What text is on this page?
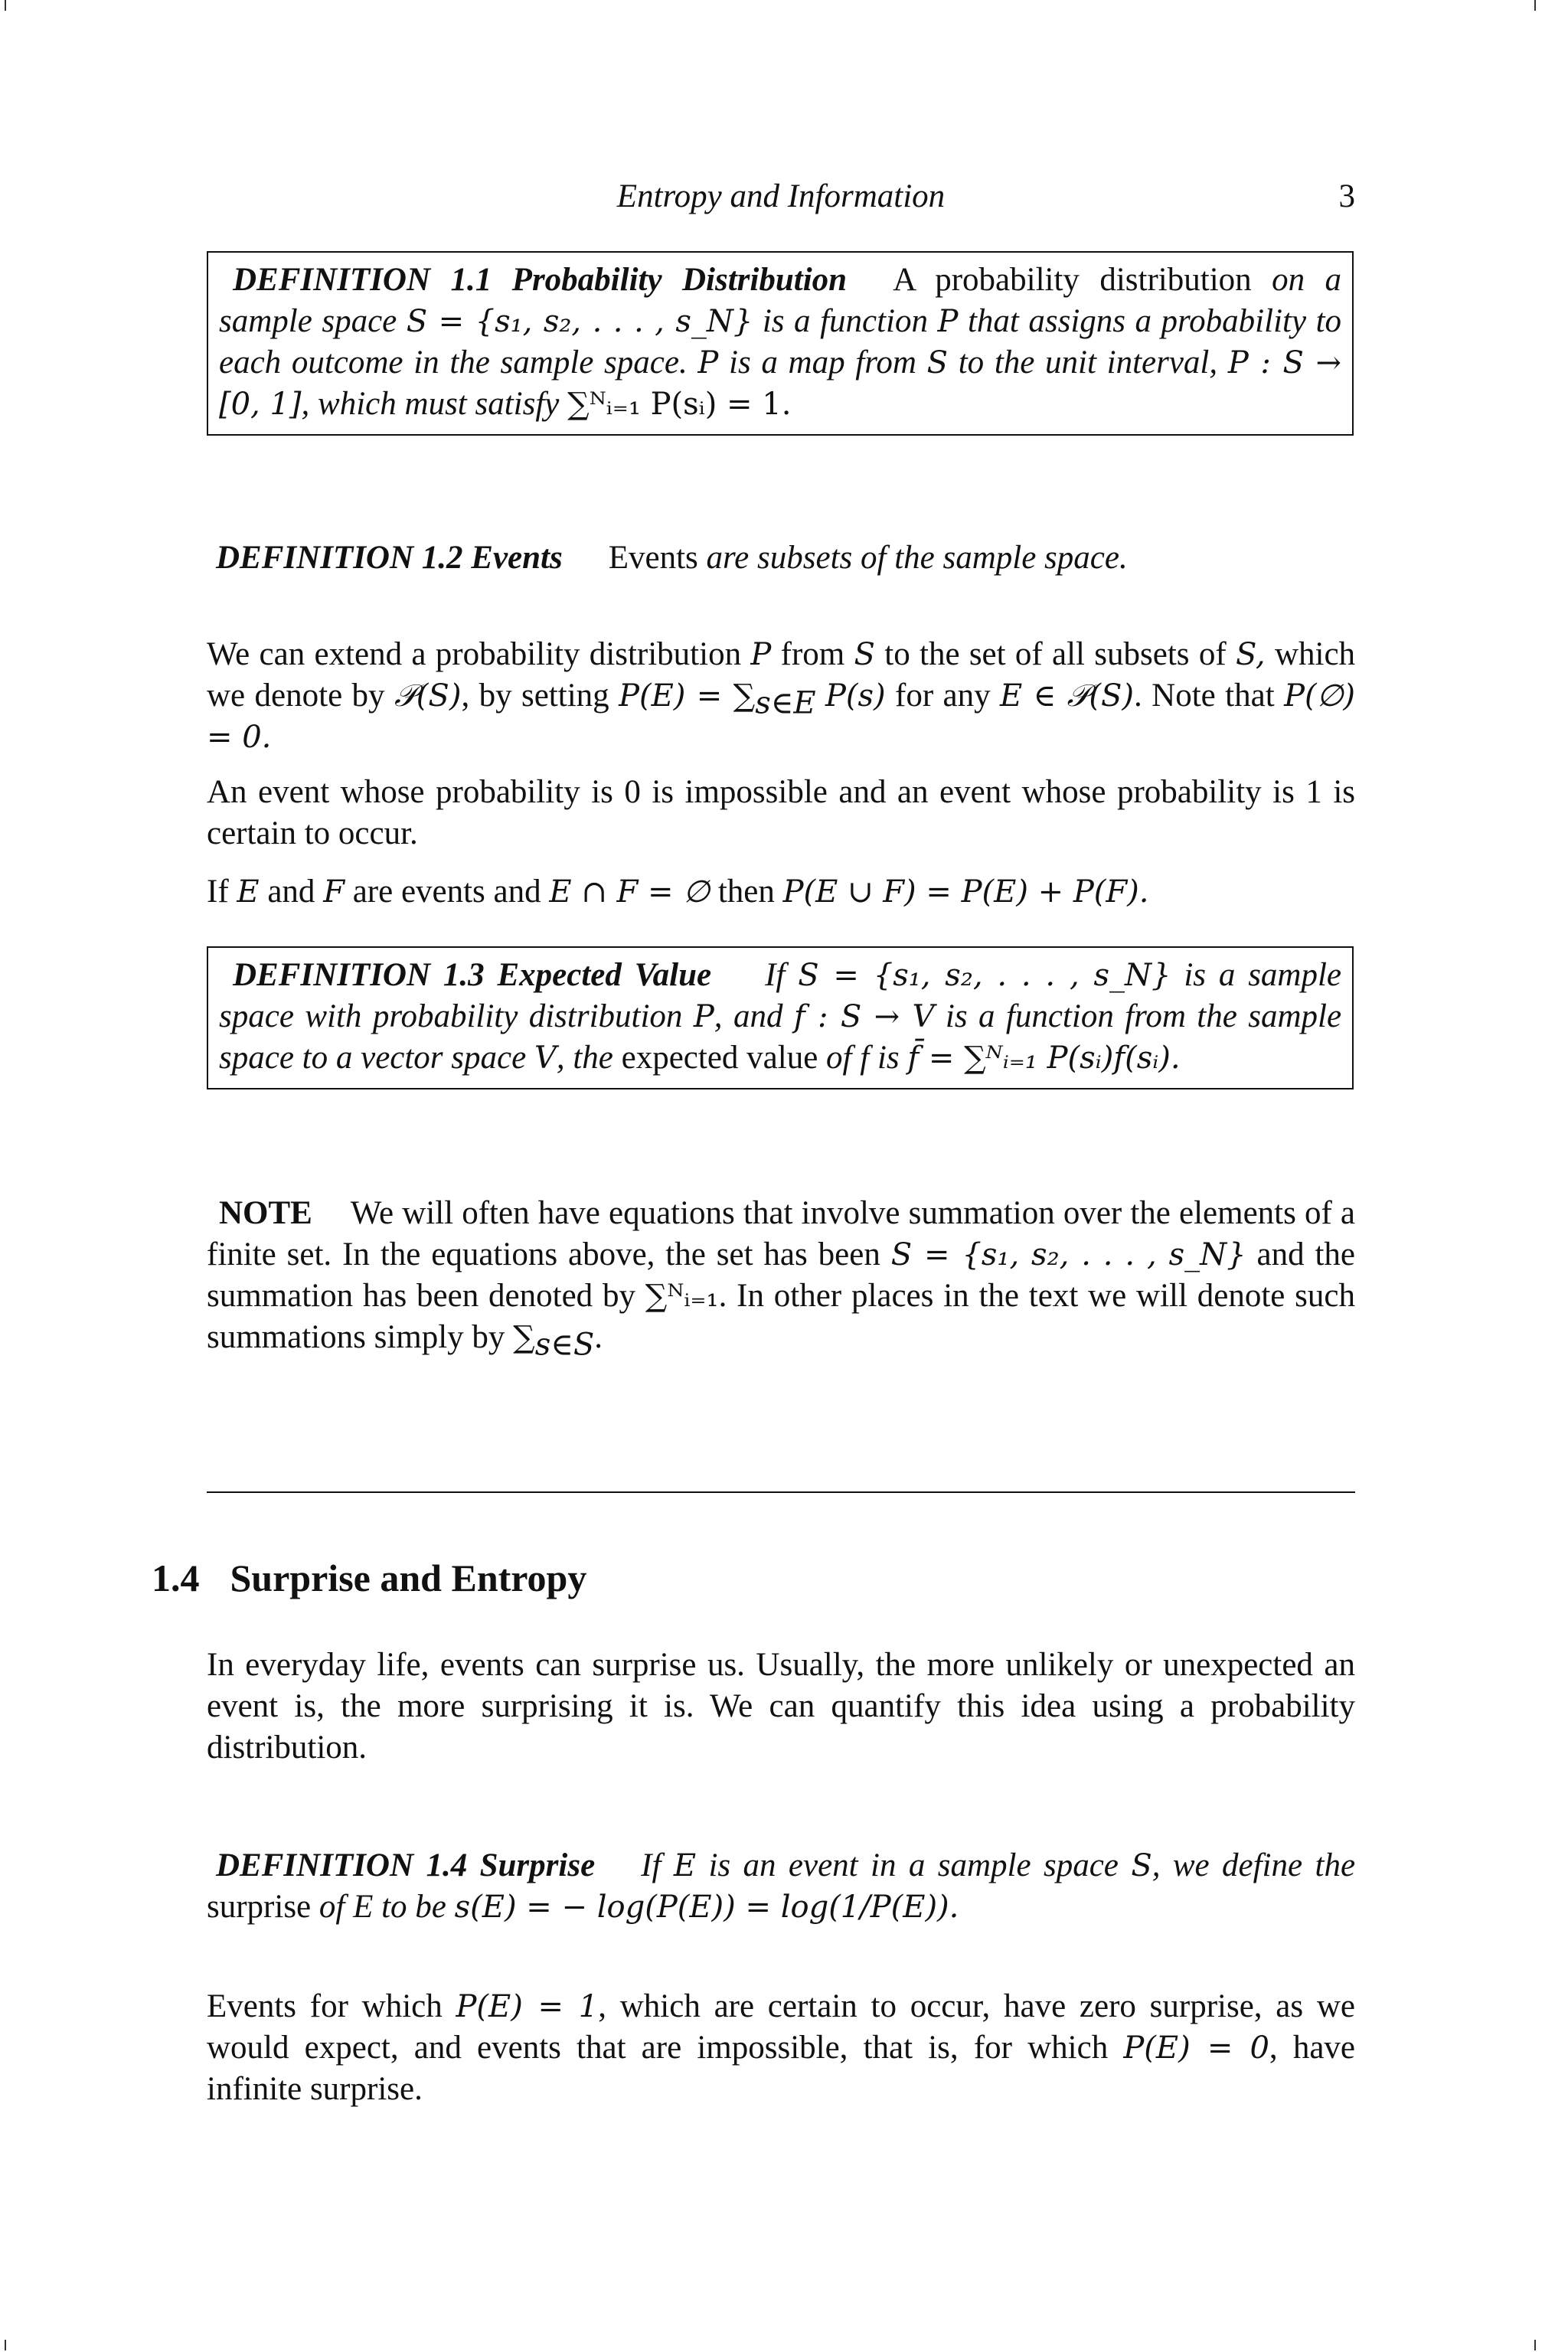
Entropy and Information	3
DEFINITION 1.1 Probability Distribution A probability distribution on a sample space S = {s₁, s₂, . . . , s_N} is a function P that assigns a probability to each outcome in the sample space. P is a map from S to the unit interval, P : S → [0, 1], which must satisfy ∑ᴺᵢ₌₁ P(sᵢ) = 1.
DEFINITION 1.2 Events Events are subsets of the sample space.

We can extend a probability distribution P from S to the set of all subsets of S, which we denote by 𝒫(S), by setting $P(E) = \sum_{s\in E}$ P(s) for any E ∈ 𝒫(S). Note that P(∅) = 0.

An event whose probability is 0 is impossible and an event whose probability is 1 is certain to occur.

If E and F are events and E ∩ F = ∅ then P(E ∪ F) = P(E) + P(F).

DEFINITION 1.3 Expected Value If S = {s₁, s₂, . . . , s_N} is a sample space with probability distribution P, and f : S → V is a function from the sample space to a vector space V, the expected value of f is f̄ = ∑ᴺᵢ₌₁ P(sᵢ)f(sᵢ).

NOTE We will often have equations that involve summation over the elements of a finite set. In the equations above, the set has been S = {s₁, s₂, . . . , s_N} and the summation has been denoted by ∑ᴺᵢ₌₁. In other places in the text we will denote such summations simply by $\sum_{s\in S}$.

1.4 Surprise and Entropy

In everyday life, events can surprise us. Usually, the more unlikely or unexpected an event is, the more surprising it is. We can quantify this idea using a probability distribution.

DEFINITION 1.4 Surprise If E is an event in a sample space S, we define the surprise of E to be s(E) = − log(P(E)) = log(1/P(E)).

Events for which P(E) = 1, which are certain to occur, have zero surprise, as we would expect, and events that are impossible, that is, for which P(E) = 0, have infinite surprise.
